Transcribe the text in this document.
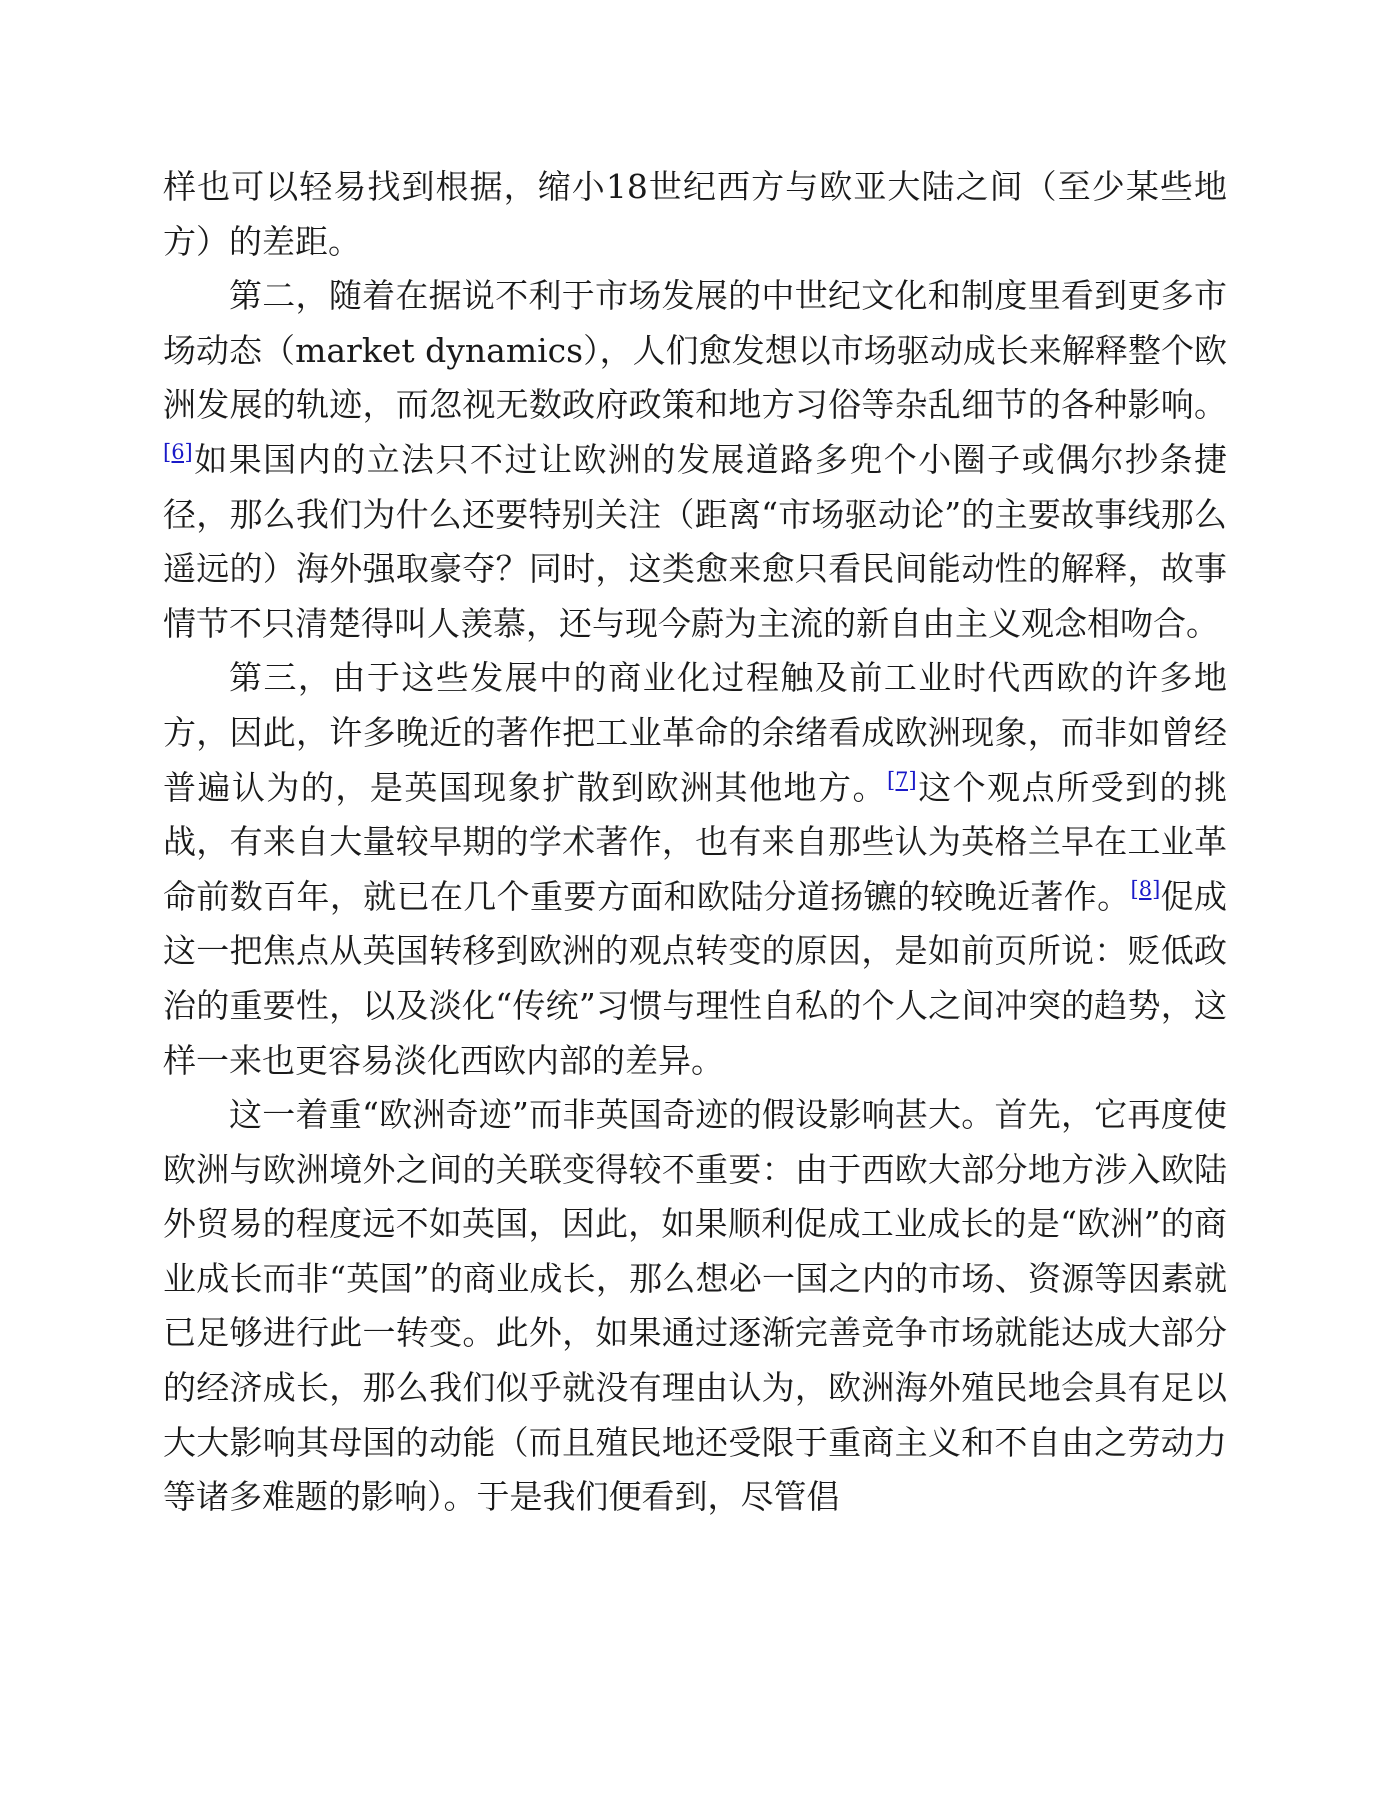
样也可以轻易找到根据，缩小18世纪西方与欧亚大陆之间（至少某些地方）的差距。

第二，随着在据说不利于市场发展的中世纪文化和制度里看到更多市场动态（market dynamics），人们愈发想以市场驱动成长来解释整个欧洲发展的轨迹，而忽视无数政府政策和地方习俗等杂乱细节的各种影响。[6]如果国内的立法只不过让欧洲的发展道路多兜个小圈子或偶尔抄条捷径，那么我们为什么还要特别关注（距离“市场驱动论”的主要故事线那么遥远的）海外强取豪夺？同时，这类愈来愈只看民间能动性的解释，故事情节不只清楚得叫人羡慕，还与现今蔚为主流的新自由主义观念相吻合。

第三，由于这些发展中的商业化过程触及前工业时代西欧的许多地方，因此，许多晚近的著作把工业革命的余绪看成欧洲现象，而非如曾经普遍认为的，是英国现象扩散到欧洲其他地方。[7]这个观点所受到的挑战，有来自大量较早期的学术著作，也有来自那些认为英格兰早在工业革命前数百年，就已在几个重要方面和欧陆分道扬镳的较晚近著作。[8]促成这一把焦点从英国转移到欧洲的观点转变的原因，是如前页所说：贬低政治的重要性，以及淡化“传统”习惯与理性自私的个人之间冲突的趋势，这样一来也更容易淡化西欧内部的差异。

这一着重“欧洲奇迹”而非英国奇迹的假设影响甚大。首先，它再度使欧洲与欧洲境外之间的关联变得较不重要：由于西欧大部分地方涉入欧陆外贸易的程度远不如英国，因此，如果顺利促成工业成长的是“欧洲”的商业成长而非“英国”的商业成长，那么想必一国之内的市场、资源等因素就已足够进行此一转变。此外，如果通过逐渐完善竞争市场就能达成大部分的经济成长，那么我们似乎就没有理由认为，欧洲海外殖民地会具有足以大大影响其母国的动能（而且殖民地还受限于重商主义和不自由之劳动力等诸多难题的影响）。于是我们便看到，尽管倡
